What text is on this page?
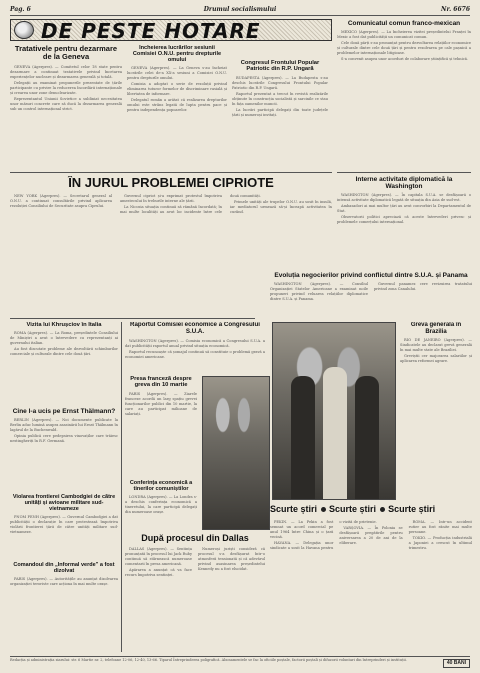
Pag. 6	Drumul socialismului	Nr. 6676
DE PESTE HOTARE
Tratativele pentru dezarmare de la Geneva

GENEVA (Agerpres). — Comitetul celor 18 state pentru dezarmare a continuat tratativele privind încetarea experiențelor nucleare și dezarmarea generală și totală.

Delegații au examinat propunerile prezentate de țările participante cu privire la reducerea încordării internaționale și crearea unor zone denuclearizate.

Reprezentantul Uniunii Sovietice a subliniat necesitatea unor măsuri concrete care să ducă la dezarmarea generală sub un control internațional strict.

Încheierea lucrărilor sesiunii Comisiei O.N.U. pentru drepturile omului

GENEVA (Agerpres). — La Geneva s-au încheiat lucrările celei de-a XX-a sesiuni a Comisiei O.N.U. pentru drepturile omului.

Comisia a adoptat o serie de rezoluții privind eliminarea tuturor formelor de discriminare rasială și libertatea de informare.

Delegatul român a arătat că realizarea drepturilor omului este strâns legată de lupta pentru pace și pentru independența popoarelor.

Congresul Frontului Popular Patriotic din R.P. Ungară

BUDAPESTA (Agerpres). — La Budapesta s-au deschis lucrările Congresului Frontului Popular Patriotic din R.P. Ungară.

Raportul prezentat a trecut în revistă realizările obținute în construcția socialistă și sarcinile ce stau în fața oamenilor muncii.

La lucrări participă delegați din toate județele țării și numeroși invitați.

Comunicatul comun franco-mexican

MEXICO (Agerpres). — La încheierea vizitei președintelui Franței în Mexic a fost dat publicității un comunicat comun.

Cele două părți s-au pronunțat pentru dezvoltarea relațiilor economice și culturale dintre cele două țări și pentru rezolvarea pe cale pașnică a problemelor internaționale litigioase.

S-a convenit asupra unor acorduri de colaborare științifică și tehnică.

ÎN JURUL PROBLEMEI CIPRIOTE

NEW YORK (Agerpres). — Secretarul general al O.N.U. a continuat consultările privind aplicarea rezoluției Consiliului de Securitate asupra Ciprului.

Guvernul cipriot și-a exprimat protestul împotriva amestecului în treburile interne ale țării.

La Nicosia situația continuă să rămână încordată; în mai multe localități au avut loc incidente între cele două comunități.

Primele unități ale trupelor O.N.U. au sosit în insulă, iar mediatorul urmează să-și înceapă activitatea în curând.

Interne activitate diplomatică la Washington

WASHINGTON (Agerpres). — În capitala S.U.A. se desfășoară o intensă activitate diplomatică legată de situația din Asia de sud-est.

Ambasadori ai mai multor țări au avut convorbiri la Departamentul de Stat.

Observatorii politici apreciază că aceste întrevederi privesc și problemele comerțului internațional.

Evoluția negocierilor privind conflictul dintre S.U.A. și Panama

WASHINGTON (Agerpres). — Consiliul Organizației Statelor Americane a examinat noile propuneri privind reluarea relațiilor diplomatice dintre S.U.A. și Panama.

Guvernul panamez cere revizuirea tratatului privind zona Canalului.

Grevă generală în Brazilia

RIO DE JANEIRO (Agerpres). — Sindicatele au declarat grevă generală în mai multe state ale Braziliei.

Greviștii cer majorarea salariilor și aplicarea reformei agrare.

Vizita lui Khrușciov în Italia

ROMA (Agerpres). — La Roma, președintele Consiliului de Miniștri a avut o întrevedere cu reprezentanți ai guvernului italian.

Au fost discutate probleme ale dezvoltării schimburilor comerciale și culturale dintre cele două țări.

Cine l-a ucis pe Ernst Thälmann?

BERLIN (Agerpres). — Noi documente publicate la Berlin aduc lumină asupra asasinării lui Ernst Thälmann în lagărul de la Buchenwald.

Opinia publică cere pedepsirea vinovaților care trăiesc nestingheriți în R.F. Germană.

Violarea frontierei Cambodgiei de către unități și avioane militare sud-vietnameze

PNOM PENH (Agerpres). — Guvernul Cambodgiei a dat publicității o declarație în care protestează împotriva violării frontierei țării de către unități militare sud-vietnameze.

Comandoul din „Informal verde” a fost dizolvat

PARIS (Agerpres). — Autoritățile au anunțat dizolvarea organizației teroriste care acționa în mai multe orașe.

Raportul Comisiei economice a Congresului S.U.A.

WASHINGTON (Agerpres). — Comisia economică a Congresului S.U.A. a dat publicității raportul anual privind situația economică.

Raportul recunoaște că șomajul continuă să constituie o problemă gravă a economiei americane.

Presa franceză despre greva din 10 martie

PARIS (Agerpres). — Ziarele franceze acordă un larg spațiu grevei funcționarilor publici din 10 martie, la care au participat milioane de salariați.

Conferința economică a tinerilor comuniștilor

LONDRA (Agerpres). — La Londra s-a deschis conferința economică a tineretului, la care participă delegați din numeroase orașe.

După procesul din Dallas

DALLAS (Agerpres). — Sentința pronunțată în procesul lui Jack Ruby continuă să stârnească numeroase comentarii în presa americană.

Apărarea a anunțat că va face recurs împotriva sentinței.

Numeroși juriști consideră că procesul s-a desfășurat într-o atmosferă tensionată și că adevărul privind asasinarea președintelui Kennedy nu a fost elucidat.

Scurte știri Scurte știri Scurte știri

PEKIN. — La Pekin a fost semnat un acord comercial pe anul 1964 între China și o țară vecină.

HAVANA. — Delegația unor sindicate a sosit la Havana pentru o vizită de prietenie.

VARȘOVIA. — În Polonia se desfășoară pregătirile pentru aniversarea a 20 de ani de la eliberare.

ROMA. — Intr-un accident rutier au fost rănite mai multe persoane.

TOKIO. — Producția industrială a Japoniei a crescut în ultimul trimestru.

Redacția și administrația ziarului: str. 6 Martie nr. 2, telefoane 12-06, 12-40, 13-66. Tiparul Întreprinderea poligrafică. Abonamentele se fac la oficiile poștale, factorii poștali și difuzorii voluntari din întreprinderi și instituții.	40 BANI
